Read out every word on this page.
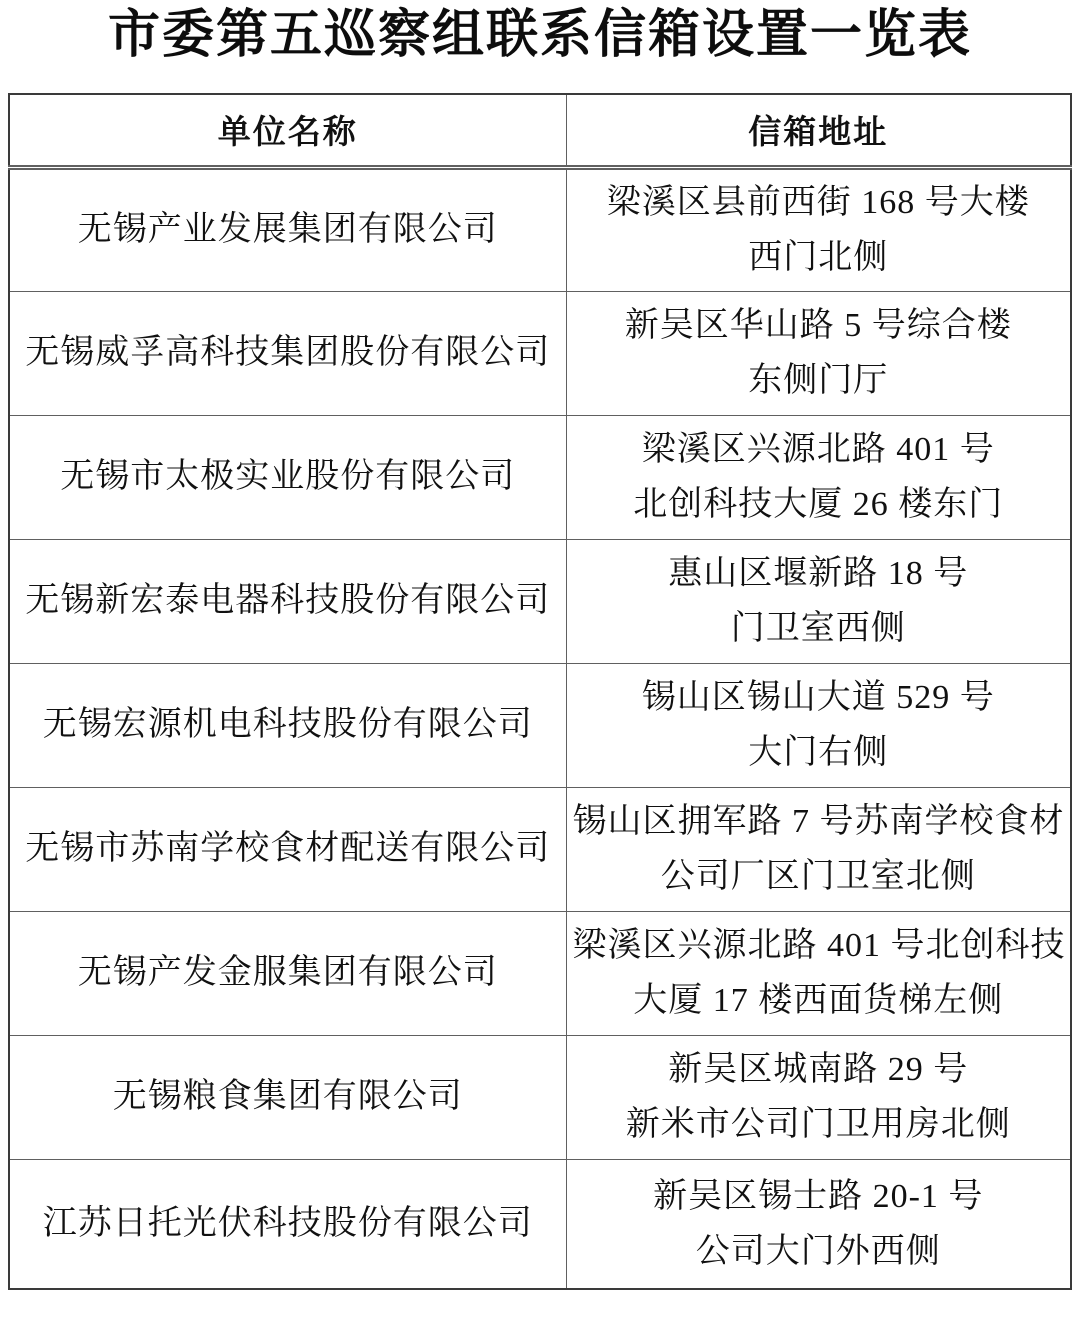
市委第五巡察组联系信箱设置一览表
单位名称	信箱地址
无锡产业发展集团有限公司	梁溪区县前西街 168 号大楼
西门北侧

无锡威孚高科技集团股份有限公司	新吴区华山路 5 号综合楼
东侧门厅

无锡市太极实业股份有限公司	梁溪区兴源北路 401 号
北创科技大厦 26 楼东门

无锡新宏泰电器科技股份有限公司	惠山区堰新路 18 号
门卫室西侧

无锡宏源机电科技股份有限公司	锡山区锡山大道 529 号
大门右侧

无锡市苏南学校食材配送有限公司	锡山区拥军路 7 号苏南学校食材
公司厂区门卫室北侧

无锡产发金服集团有限公司	梁溪区兴源北路 401 号北创科技
大厦 17 楼西面货梯左侧

无锡粮食集团有限公司	新吴区城南路 29 号
新米市公司门卫用房北侧

江苏日托光伏科技股份有限公司	新吴区锡士路 20-1 号
公司大门外西侧
